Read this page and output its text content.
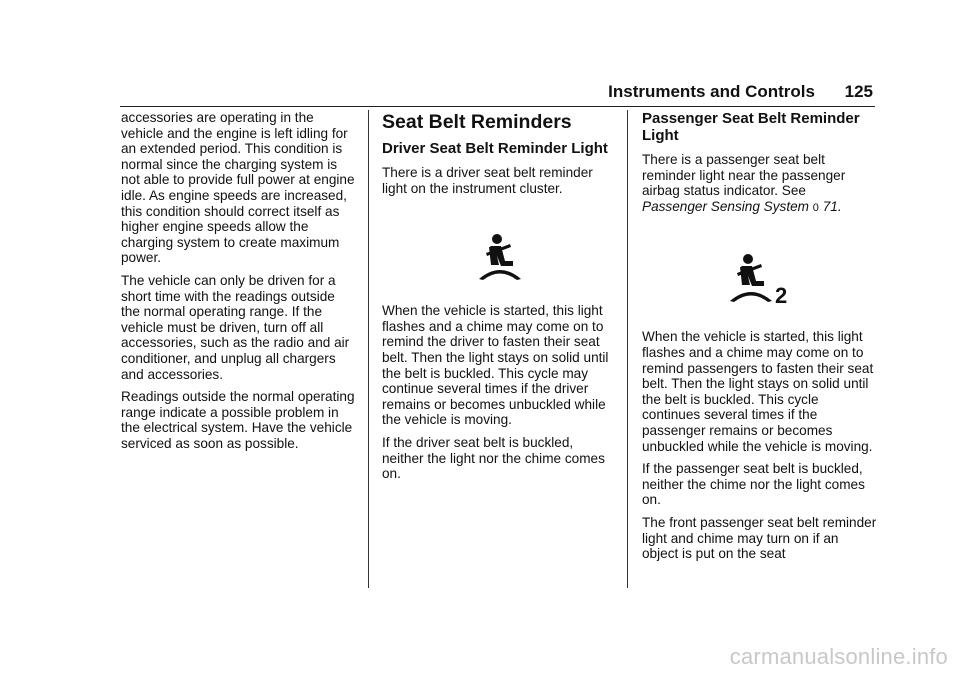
Instruments and Controls 125

accessories are operating in the vehicle and the engine is left idling for an extended period. This condition is normal since the charging system is not able to provide full power at engine idle. As engine speeds are increased, this condition should correct itself as higher engine speeds allow the charging system to create maximum power.

The vehicle can only be driven for a short time with the readings outside the normal operating range. If the vehicle must be driven, turn off all accessories, such as the radio and air conditioner, and unplug all chargers and accessories.

Readings outside the normal operating range indicate a possible problem in the electrical system. Have the vehicle serviced as soon as possible.

Seat Belt Reminders
Driver Seat Belt Reminder Light

There is a driver seat belt reminder light on the instrument cluster.

When the vehicle is started, this light flashes and a chime may come on to remind the driver to fasten their seat belt. Then the light stays on solid until the belt is buckled. This cycle may continue several times if the driver remains or becomes unbuckled while the vehicle is moving.

If the driver seat belt is buckled, neither the light nor the chime comes on.

Passenger Seat Belt Reminder Light

There is a passenger seat belt reminder light near the passenger airbag status indicator. See
Passenger Sensing System 0 71.

2

When the vehicle is started, this light flashes and a chime may come on to remind passengers to fasten their seat belt. Then the light stays on solid until the belt is buckled. This cycle continues several times if the passenger remains or becomes unbuckled while the vehicle is moving.

If the passenger seat belt is buckled, neither the chime nor the light comes on.

The front passenger seat belt reminder light and chime may turn on if an object is put on the seat

carmanualsonline.info
